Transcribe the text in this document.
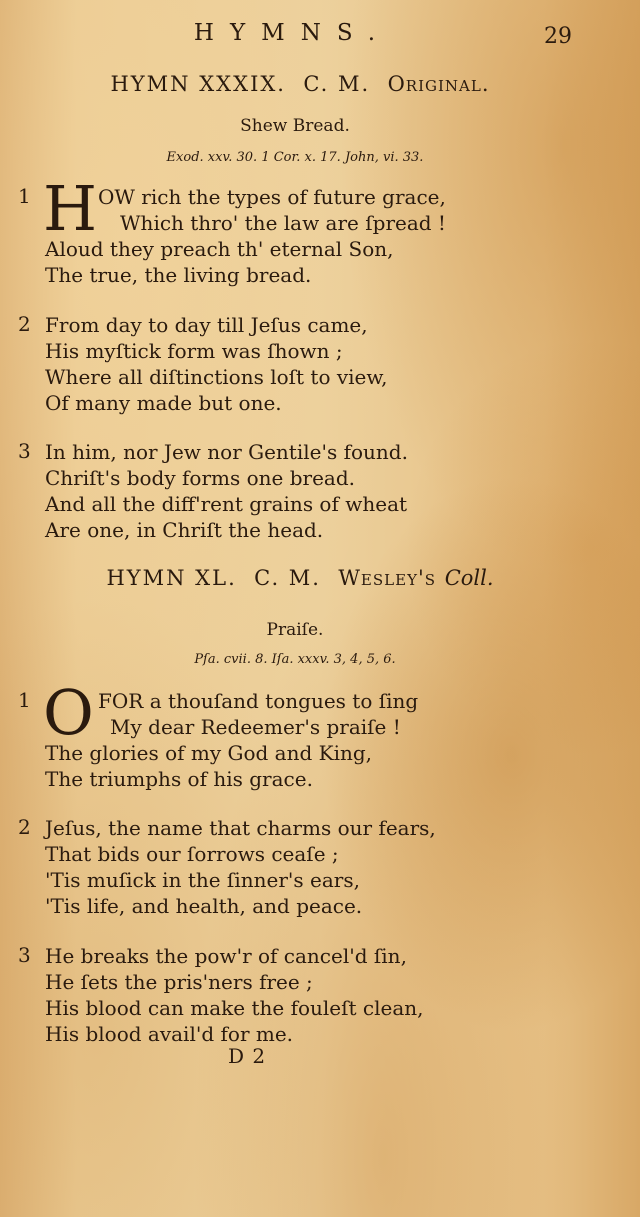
HYMNS.	29
HYMN XXXIX. C. M. Original.
Shew Bread.
Exod. xxv. 30. 1 Cor. x. 17. John, vi. 33.
1 H OW rich the types of future grace,
Which thro' the law are ſpread !
Aloud they preach th' eternal Son,
The true, the living bread.
2 From day to day till Jeſus came,
His myſtick form was ſhown ;
Where all diſtinctions loſt to view,
Of many made but one.
3 In him, nor Jew nor Gentile's found.
Chriſt's body forms one bread.
And all the diff'rent grains of wheat
Are one, in Chriſt the head.
HYMN XL. C. M. Wesley's Coll.
Praiſe.
Pſa. cvii. 8. Iſa. xxxv. 3, 4, 5, 6.
1 O FOR a thouſand tongues to ſing
My dear Redeemer's praiſe !
The glories of my God and King,
The triumphs of his grace.
2 Jeſus, the name that charms our fears,
That bids our ſorrows ceaſe ;
'Tis muſick in the ſinner's ears,
'Tis life, and health, and peace.
3 He breaks the pow'r of cancel'd ſin,
He ſets the pris'ners free ;
His blood can make the fouleſt clean,
His blood avail'd for me.
D 2
